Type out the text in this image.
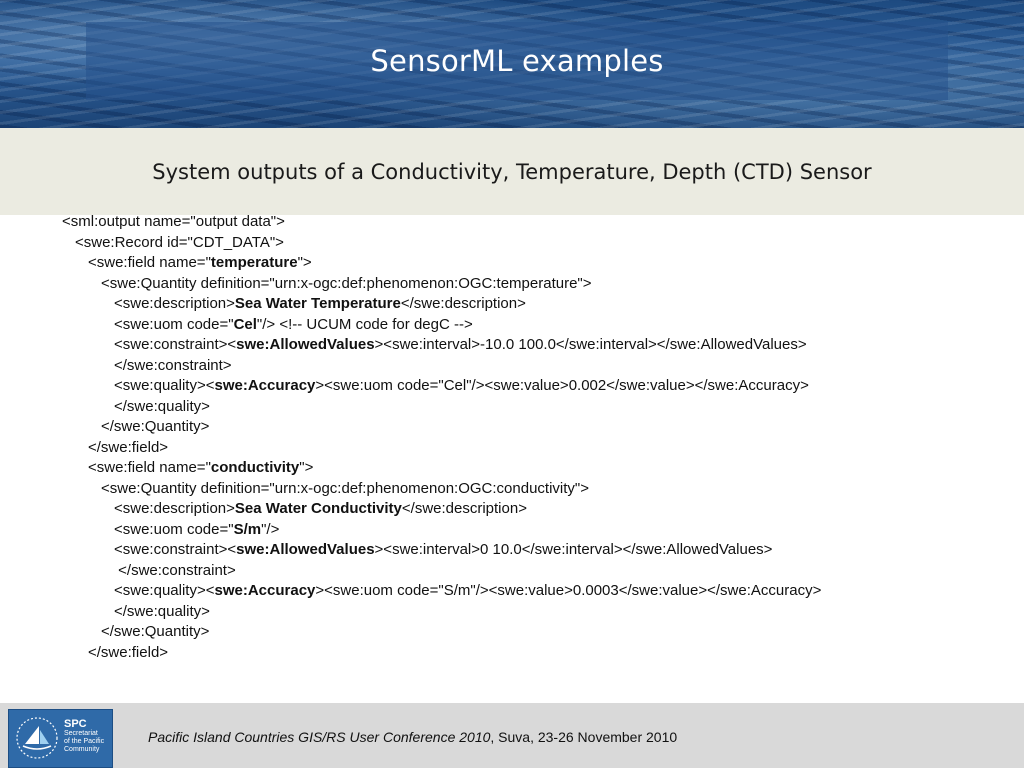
SensorML examples
System outputs of a Conductivity, Temperature, Depth (CTD) Sensor
<sml:output name="output data">
<swe:Record id="CDT_DATA">
<swe:field name="temperature">
<swe:Quantity definition="urn:x-ogc:def:phenomenon:OGC:temperature">
<swe:description>Sea Water Temperature</swe:description>
<swe:uom code="Cel"/> <!-- UCUM code for degC -->
<swe:constraint><swe:AllowedValues><swe:interval>-10.0 100.0</swe:interval></swe:AllowedValues>
</swe:constraint>
<swe:quality><swe:Accuracy><swe:uom code="Cel"/><swe:value>0.002</swe:value></swe:Accuracy>
</swe:quality>
</swe:Quantity>
</swe:field>
<swe:field name="conductivity">
<swe:Quantity definition="urn:x-ogc:def:phenomenon:OGC:conductivity">
<swe:description>Sea Water Conductivity</swe:description>
<swe:uom code="S/m"/>
<swe:constraint><swe:AllowedValues><swe:interval>0 10.0</swe:interval></swe:AllowedValues>
</swe:constraint>
<swe:quality><swe:Accuracy><swe:uom code="S/m"/><swe:value>0.0003</swe:value></swe:Accuracy>
</swe:quality>
</swe:Quantity>
</swe:field>
SPC
Secretariat
of the Pacific
Community
Pacific Island Countries GIS/RS User Conference 2010, Suva, 23-26 November 2010
